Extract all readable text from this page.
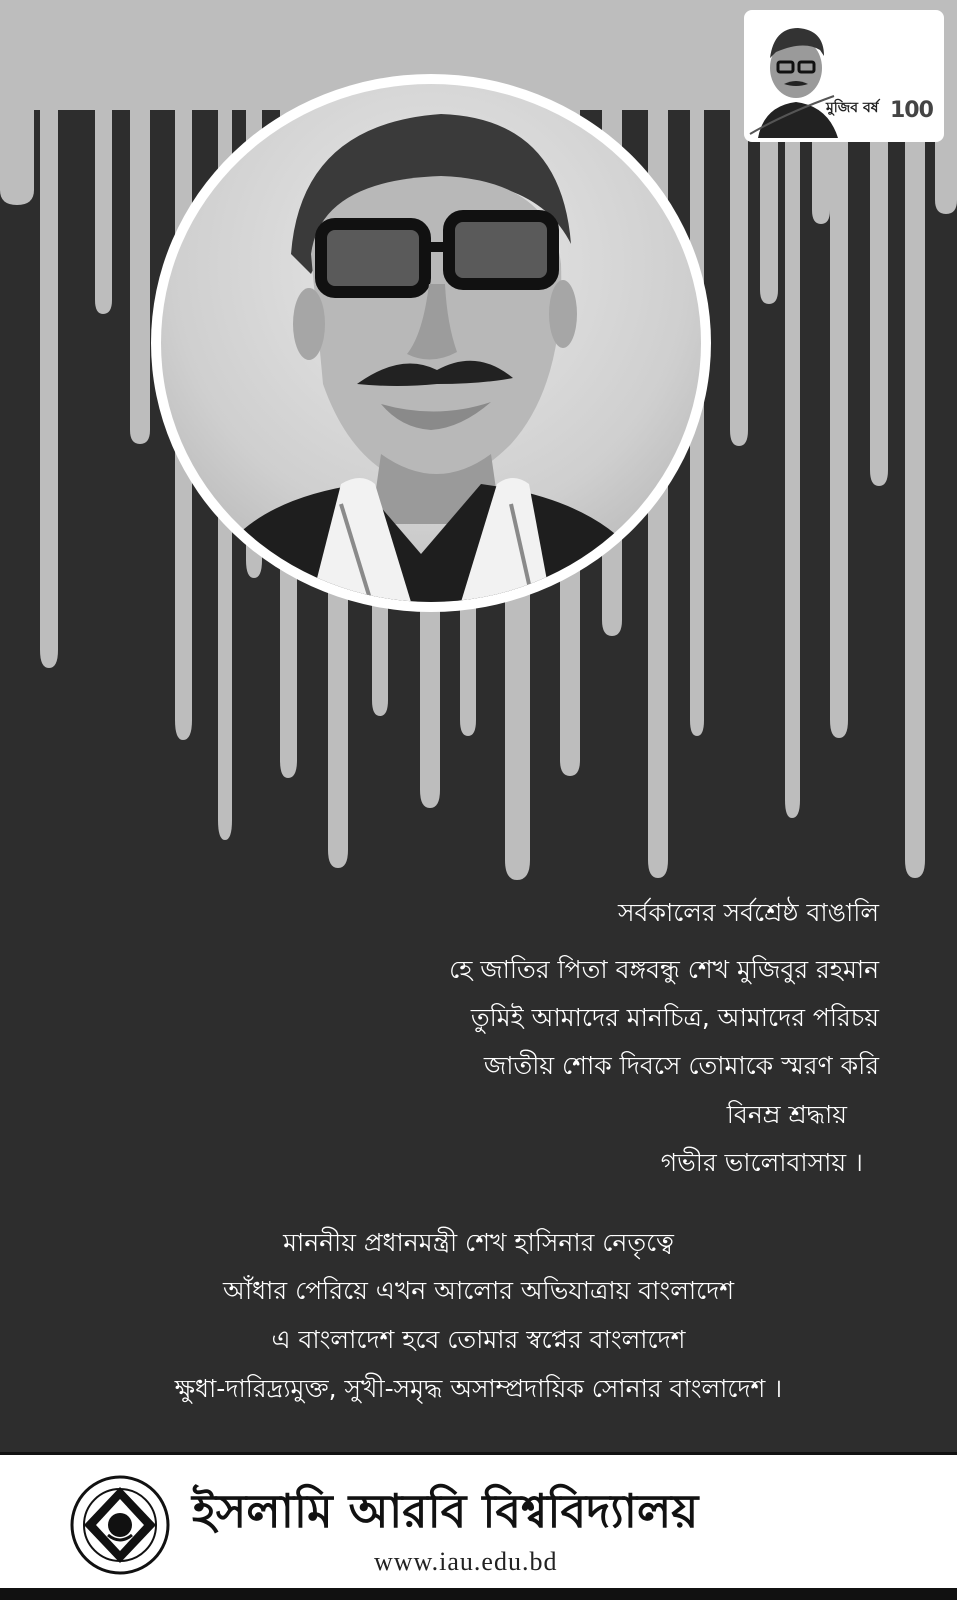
মুজিব বর্ষ 100
সর্বকালের সর্বশ্রেষ্ঠ বাঙালি
হে জাতির পিতা বঙ্গবন্ধু শেখ মুজিবুর রহমান
তুমিই আমাদের মানচিত্র, আমাদের পরিচয়
জাতীয় শোক দিবসে তোমাকে স্মরণ করি
বিনম্র শ্রদ্ধায়
গভীর ভালোবাসায় ।
মাননীয় প্রধানমন্ত্রী শেখ হাসিনার নেতৃত্বে
আঁধার পেরিয়ে এখন আলোর অভিযাত্রায় বাংলাদেশ
এ বাংলাদেশ হবে তোমার স্বপ্নের বাংলাদেশ
ক্ষুধা-দারিদ্র্যমুক্ত, সুখী-সমৃদ্ধ অসাম্প্রদায়িক সোনার বাংলাদেশ ।
ইসলামি আরবি বিশ্ববিদ্যালয়
www.iau.edu.bd
